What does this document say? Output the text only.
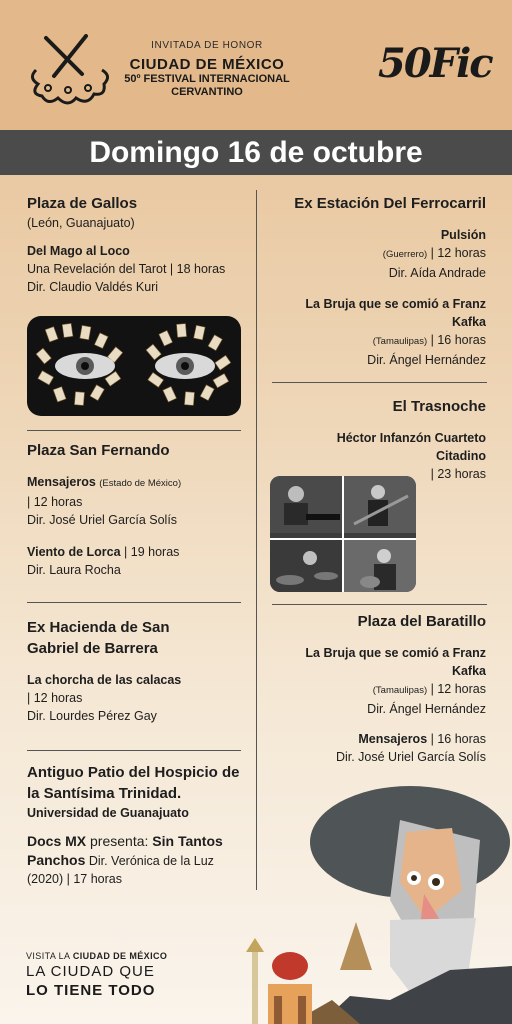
INVITADA DE HONOR
CIUDAD DE MÉXICO
50º FESTIVAL INTERNACIONAL
CERVANTINO
50Fic
Domingo 16 de octubre
Plaza de Gallos
(León, Guanajuato)
Del Mago al Loco
Una Revelación del Tarot | 18 horas
Dir. Claudio Valdés Kuri
Plaza San Fernando
Mensajeros (Estado de México)
| 12 horas
Dir. José Uriel García Solís
Viento de Lorca | 19 horas
Dir. Laura Rocha
Ex Hacienda de San
Gabriel de Barrera
La chorcha de las calacas
| 12 horas
Dir. Lourdes Pérez Gay
Antiguo Patio del Hospicio de
la Santísima Trinidad.
Universidad de Guanajuato
Docs MX presenta: Sin Tantos
Panchos Dir. Verónica de la Luz
(2020) | 17 horas
Ex Estación Del Ferrocarril
Pulsión
(Guerrero) | 12 horas
Dir. Aída Andrade
La Bruja que se comió a Franz
Kafka
(Tamaulipas) | 16 horas
Dir. Ángel Hernández
El Trasnoche
Héctor Infanzón Cuarteto
Citadino
| 23 horas
Plaza del Baratillo
La Bruja que se comió a Franz
Kafka
(Tamaulipas) | 12 horas
Dir. Ángel Hernández
Mensajeros | 16 horas
Dir. José Uriel García Solís
VISITA LA CIUDAD DE MÉXICO
LA CIUDAD QUE
LO TIENE TODO
